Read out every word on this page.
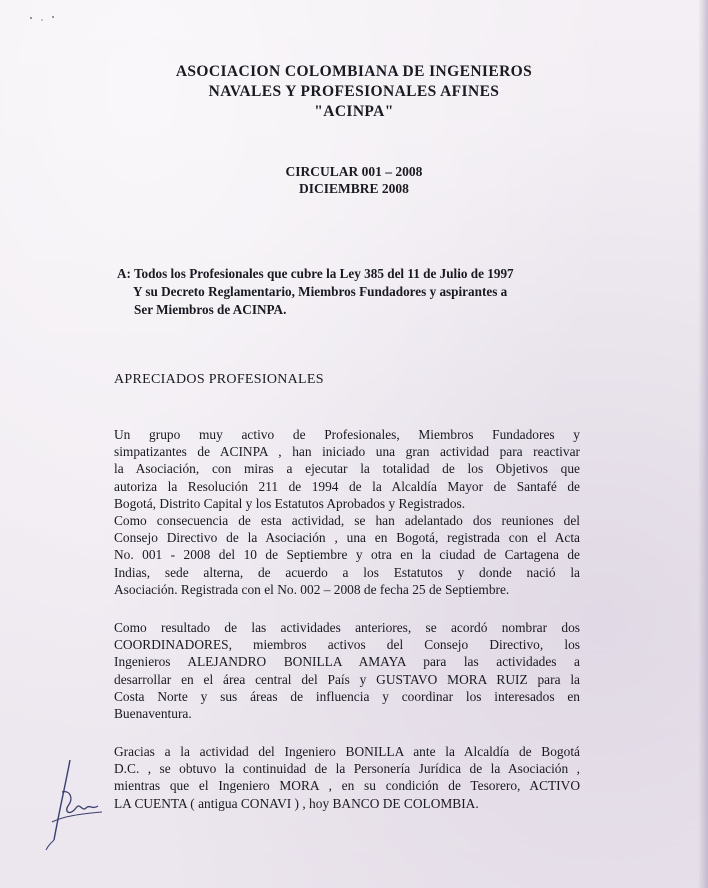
ASOCIACION COLOMBIANA DE INGENIEROS
NAVALES Y PROFESIONALES AFINES
"ACINPA"
CIRCULAR 001 – 2008
DICIEMBRE 2008
A: Todos los Profesionales que cubre la Ley 385 del 11 de Julio de 1997
Y su Decreto Reglamentario, Miembros Fundadores y aspirantes a
Ser Miembros de ACINPA.
APRECIADOS PROFESIONALES
Un grupo muy activo de Profesionales, Miembros Fundadores y
simpatizantes de ACINPA , han iniciado una gran actividad para reactivar
la Asociación, con miras a ejecutar la totalidad de los Objetivos que
autoriza la Resolución 211 de 1994 de la Alcaldía Mayor de Santafé de
Bogotá, Distrito Capital y los Estatutos Aprobados y Registrados.
Como consecuencia de esta actividad, se han adelantado dos reuniones del
Consejo Directivo de la Asociación , una en Bogotá, registrada con el Acta
No. 001 - 2008 del 10 de Septiembre y otra en la ciudad de Cartagena de
Indias, sede alterna, de acuerdo a los Estatutos y donde nació la
Asociación. Registrada con el No. 002 – 2008 de fecha 25 de Septiembre.
Como resultado de las actividades anteriores, se acordó nombrar dos
COORDINADORES, miembros activos del Consejo Directivo, los
Ingenieros ALEJANDRO BONILLA AMAYA para las actividades a
desarrollar en el área central del País y GUSTAVO MORA RUIZ para la
Costa Norte y sus áreas de influencia y coordinar los interesados en
Buenaventura.
Gracias a la actividad del Ingeniero BONILLA ante la Alcaldía de Bogotá
D.C. , se obtuvo la continuidad de la Personería Jurídica de la Asociación ,
mientras que el Ingeniero MORA , en su condición de Tesorero, ACTIVO
LA CUENTA ( antigua CONAVI ) , hoy BANCO DE COLOMBIA.
